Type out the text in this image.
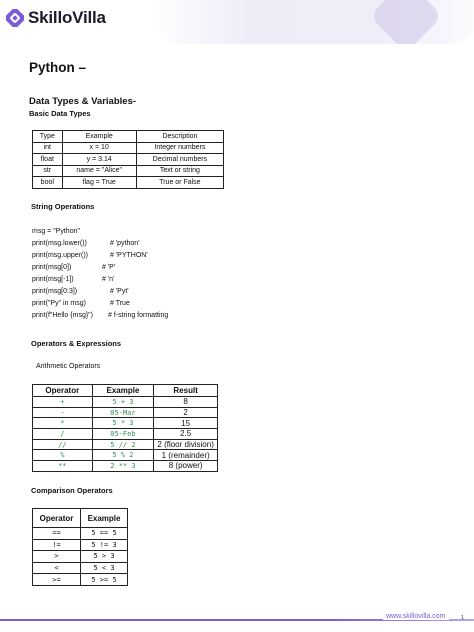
SkilloVilla
Python –
Data Types & Variables-
Basic Data Types
Type	Example	Description
int	x = 10	Integer numbers
float	y = 3.14	Decimal numbers
str	name = "Alice"	Text or string
bool	flag = True	True or False
String Operations
msg = "Python"
print(msg.lower())	# 'python'
print(msg.upper())	# 'PYTHON'
print(msg[0])	# 'P'
print(msg[-1])	# 'n'
print(msg[0:3])	# 'Pyt'
print("Py" in msg)	# True
print(f"Hello {msg}") # f-string formatting
Operators & Expressions
Arithmetic Operators
Operator	Example	Result
+	5 + 3	8
-	05-Mar	2
*	5 * 3	15
/	05-Feb	2.5
//	5 // 2	2 (floor division)
%	5 % 2	1 (remainder)
**	2 ** 3	8 (power)
Comparison Operators
Operator	Example
==	5 == 5
!=	5 != 3
>	5 > 3
<	5 < 3
>=	5 >= 5
www.skillovilla.com	1
